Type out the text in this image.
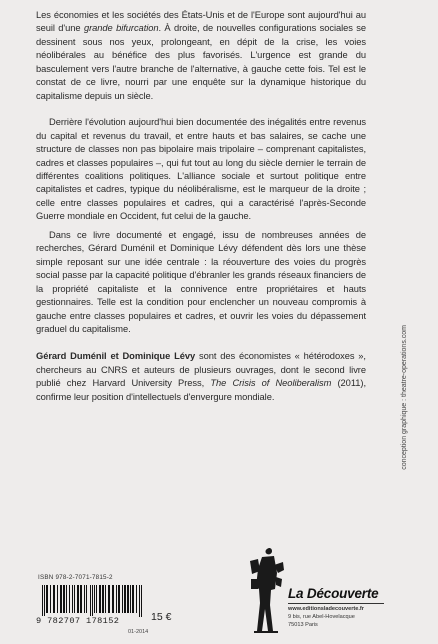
Les économies et les sociétés des États-Unis et de l'Europe sont aujourd'hui au seuil d'une grande bifurcation. À droite, de nouvelles configurations sociales se dessinent sous nos yeux, prolongeant, en dépit de la crise, les voies néolibérales au bénéfice des plus favorisés. L'urgence est grande du basculement vers l'autre branche de l'alternative, à gauche cette fois. Tel est le constat de ce livre, nourri par une enquête sur la dynamique historique du capitalisme depuis un siècle.

Derrière l'évolution aujourd'hui bien documentée des inégalités entre revenus du capital et revenus du travail, et entre hauts et bas salaires, se cache une structure de classes non pas bipolaire mais tripolaire – comprenant capitalistes, cadres et classes populaires –, qui fut tout au long du siècle dernier le terrain de différentes coalitions politiques. L'alliance sociale et surtout politique entre capitalistes et cadres, typique du néolibéralisme, est le marqueur de la droite ; celle entre classes populaires et cadres, qui a caractérisé l'après-Seconde Guerre mondiale en Occident, fut celui de la gauche.

Dans ce livre documenté et engagé, issu de nombreuses années de recherches, Gérard Duménil et Dominique Lévy défendent dès lors une thèse simple reposant sur une idée centrale : la réouverture des voies du progrès social passe par la capacité politique d'ébranler les grands réseaux financiers de la propriété capitaliste et la connivence entre propriétaires et hauts gestionnaires. Telle est la condition pour enclencher un nouveau compromis à gauche entre classes populaires et cadres, et ouvrir les voies du dépassement graduel du capitalisme.

Gérard Duménil et Dominique Lévy sont des économistes « hétérodoxes », chercheurs au CNRS et auteurs de plusieurs ouvrages, dont le second livre publié chez Harvard University Press, The Crisis of Neoliberalism (2011), confirme leur position d'intellectuels d'envergure mondiale.	conception graphique : theatre-operations.com
ISBN 978-2-7071-7815-2
9 782707 178152	15 €
01-2014
La Découverte
www.editionsladecouverte.fr
9 bis, rue Abel-Hovelacque
75013 Paris
